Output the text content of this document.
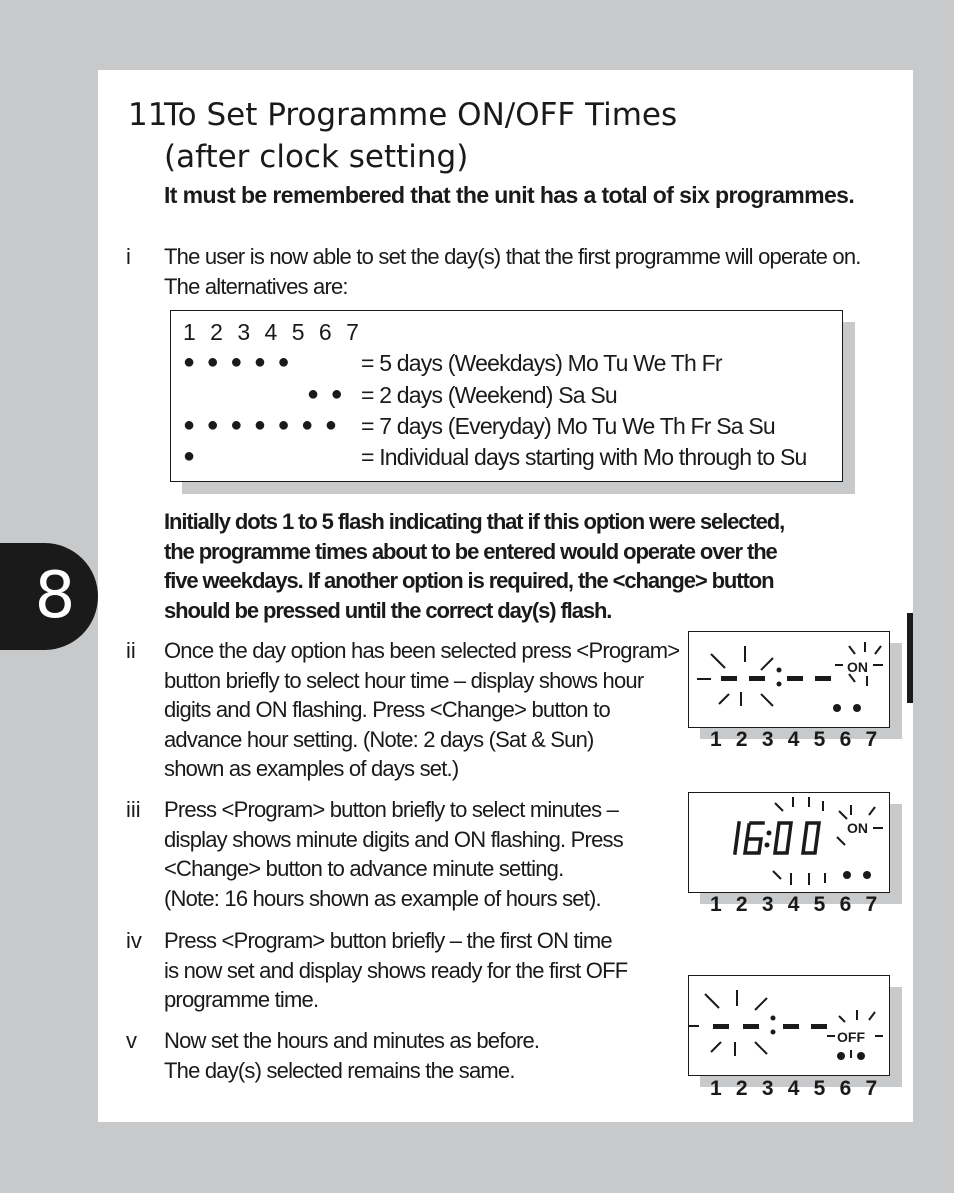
11
To Set Programme ON/OFF Times
(after clock setting)
It must be remembered that the unit has a total of six programmes.
i The user is now able to set the day(s) that the first programme will operate on.
The alternatives are:
1 2 3 4 5 6 7
● ● ● ● ●	= 5 days (Weekdays) Mo Tu We Th Fr
● ● = 2 days (Weekend) Sa Su
● ● ● ● ● ● ● = 7 days (Everyday) Mo Tu We Th Fr Sa Su
●	= Individual days starting with Mo through to Su
Initially dots 1 to 5 flash indicating that if this option were selected,
the programme times about to be entered would operate over the
five weekdays. If another option is required, the <change> button
should be pressed until the correct day(s) flash.
ii Once the day option has been selected press <Program>
button briefly to select hour time – display shows hour
digits and ON flashing. Press <Change> button to
advance hour setting. (Note: 2 days (Sat & Sun)
shown as examples of days set.)
iii Press <Program> button briefly to select minutes –
display shows minute digits and ON flashing. Press
<Change> button to advance minute setting.
(Note: 16 hours shown as example of hours set).
iv Press <Program> button briefly – the first ON time
is now set and display shows ready for the first OFF
programme time.
v Now set the hours and minutes as before.
The day(s) selected remains the same.
ON
1 2 3 4 5 6 7
ON
1 2 3 4 5 6 7
OFF
1 2 3 4 5 6 7
8
